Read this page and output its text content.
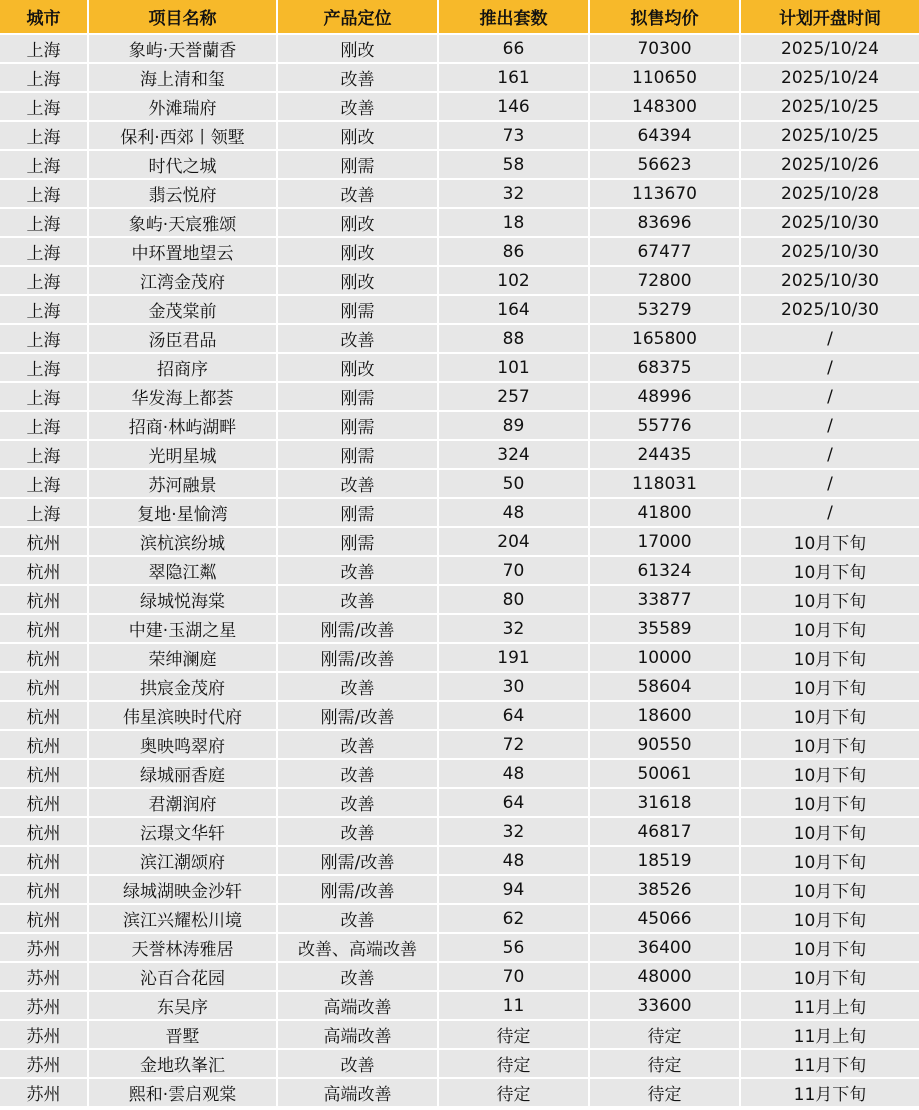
城市	项目名称	产品定位	推出套数	拟售均价	计划开盘时间
上海	象屿·天誉蘭香	刚改	66	70300	2025/10/24
上海	海上清和玺	改善	161	110650	2025/10/24
上海	外滩瑞府	改善	146	148300	2025/10/25
上海	保利·西郊丨领墅	刚改	73	64394	2025/10/25
上海	时代之城	刚需	58	56623	2025/10/26
上海	翡云悦府	改善	32	113670	2025/10/28
上海	象屿·天宸雅颂	刚改	18	83696	2025/10/30
上海	中环置地望云	刚改	86	67477	2025/10/30
上海	江湾金茂府	刚改	102	72800	2025/10/30
上海	金茂棠前	刚需	164	53279	2025/10/30
上海	汤臣君品	改善	88	165800	/
上海	招商序	刚改	101	68375	/
上海	华发海上都荟	刚需	257	48996	/
上海	招商·林屿湖畔	刚需	89	55776	/
上海	光明星城	刚需	324	24435	/
上海	苏河融景	改善	50	118031	/
上海	复地·星愉湾	刚需	48	41800	/
杭州	滨杭滨纷城	刚需	204	17000	10月下旬
杭州	翠隐江粼	改善	70	61324	10月下旬
杭州	绿城悦海棠	改善	80	33877	10月下旬
杭州	中建·玉湖之星	刚需/改善	32	35589	10月下旬
杭州	荣绅澜庭	刚需/改善	191	10000	10月下旬
杭州	拱宸金茂府	改善	30	58604	10月下旬
杭州	伟星滨映时代府	刚需/改善	64	18600	10月下旬
杭州	奥映鸣翠府	改善	72	90550	10月下旬
杭州	绿城丽香庭	改善	48	50061	10月下旬
杭州	君潮润府	改善	64	31618	10月下旬
杭州	沄璟文华轩	改善	32	46817	10月下旬
杭州	滨江潮颂府	刚需/改善	48	18519	10月下旬
杭州	绿城湖映金沙轩	刚需/改善	94	38526	10月下旬
杭州	滨江兴耀松川境	改善	62	45066	10月下旬
苏州	天誉林涛雅居	改善、高端改善	56	36400	10月下旬
苏州	沁百合花园	改善	70	48000	10月下旬
苏州	东吴序	高端改善	11	33600	11月上旬
苏州	晋墅	高端改善	待定	待定	11月上旬
苏州	金地玖峯汇	改善	待定	待定	11月下旬
苏州	熙和·雲启观棠	高端改善	待定	待定	11月下旬
